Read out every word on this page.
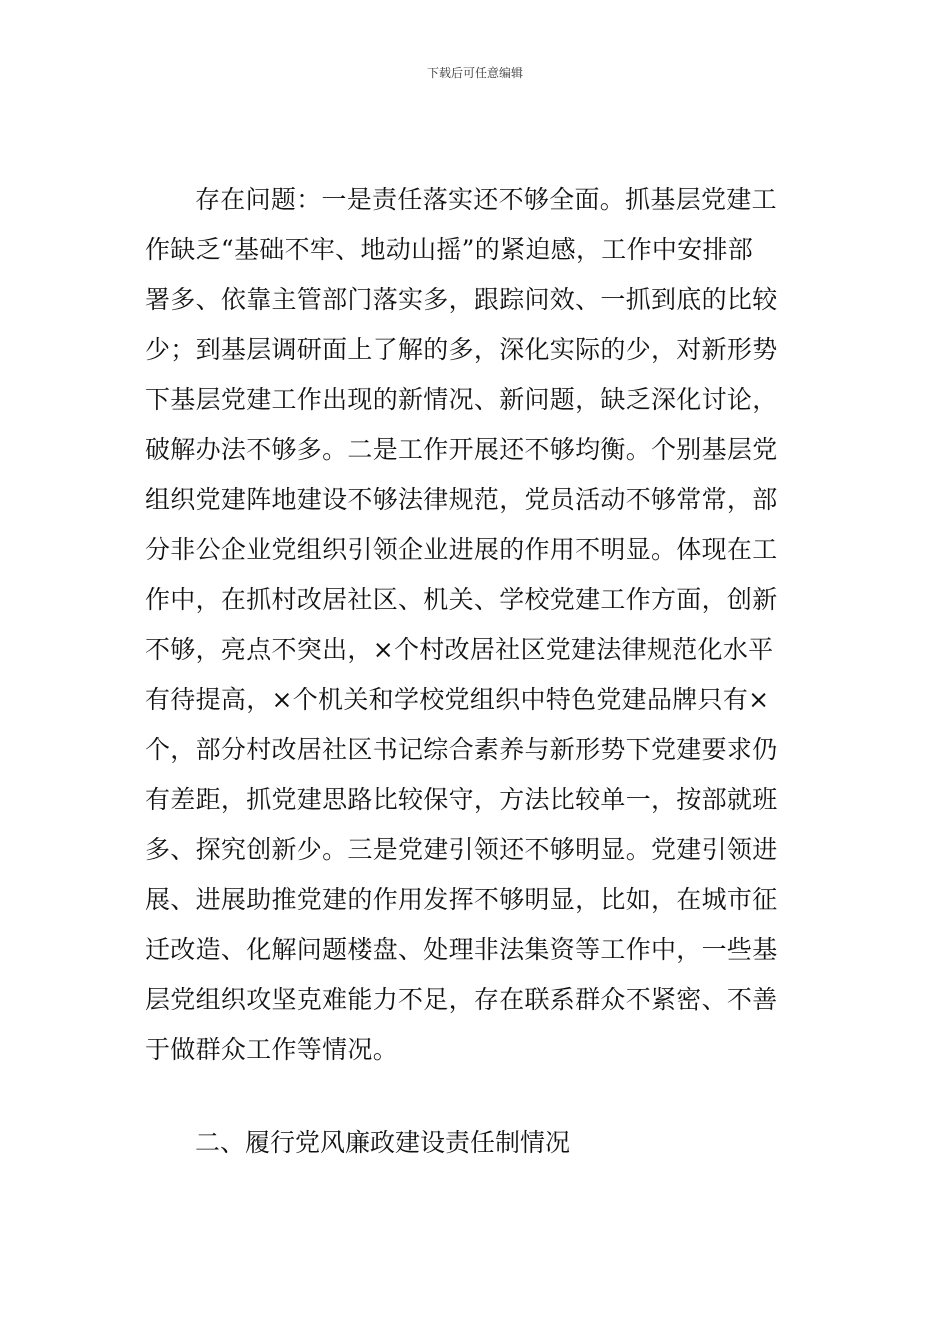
下载后可任意编辑
存在问题：一是责任落实还不够全面。抓基层党建工
作缺乏“基础不牢、地动山摇”的紧迫感，工作中安排部
署多、依靠主管部门落实多，跟踪问效、一抓到底的比较
少；到基层调研面上了解的多，深化实际的少，对新形势
下基层党建工作出现的新情况、新问题，缺乏深化讨论，
破解办法不够多。二是工作开展还不够均衡。个别基层党
组织党建阵地建设不够法律规范，党员活动不够常常，部
分非公企业党组织引领企业进展的作用不明显。体现在工
作中，在抓村改居社区、机关、学校党建工作方面，创新
不够，亮点不突出，×个村改居社区党建法律规范化水平
有待提高，×个机关和学校党组织中特色党建品牌只有×
个，部分村改居社区书记综合素养与新形势下党建要求仍
有差距，抓党建思路比较保守，方法比较单一，按部就班
多、探究创新少。三是党建引领还不够明显。党建引领进
展、进展助推党建的作用发挥不够明显，比如，在城市征
迁改造、化解问题楼盘、处理非法集资等工作中，一些基
层党组织攻坚克难能力不足，存在联系群众不紧密、不善
于做群众工作等情况。
二、履行党风廉政建设责任制情况
